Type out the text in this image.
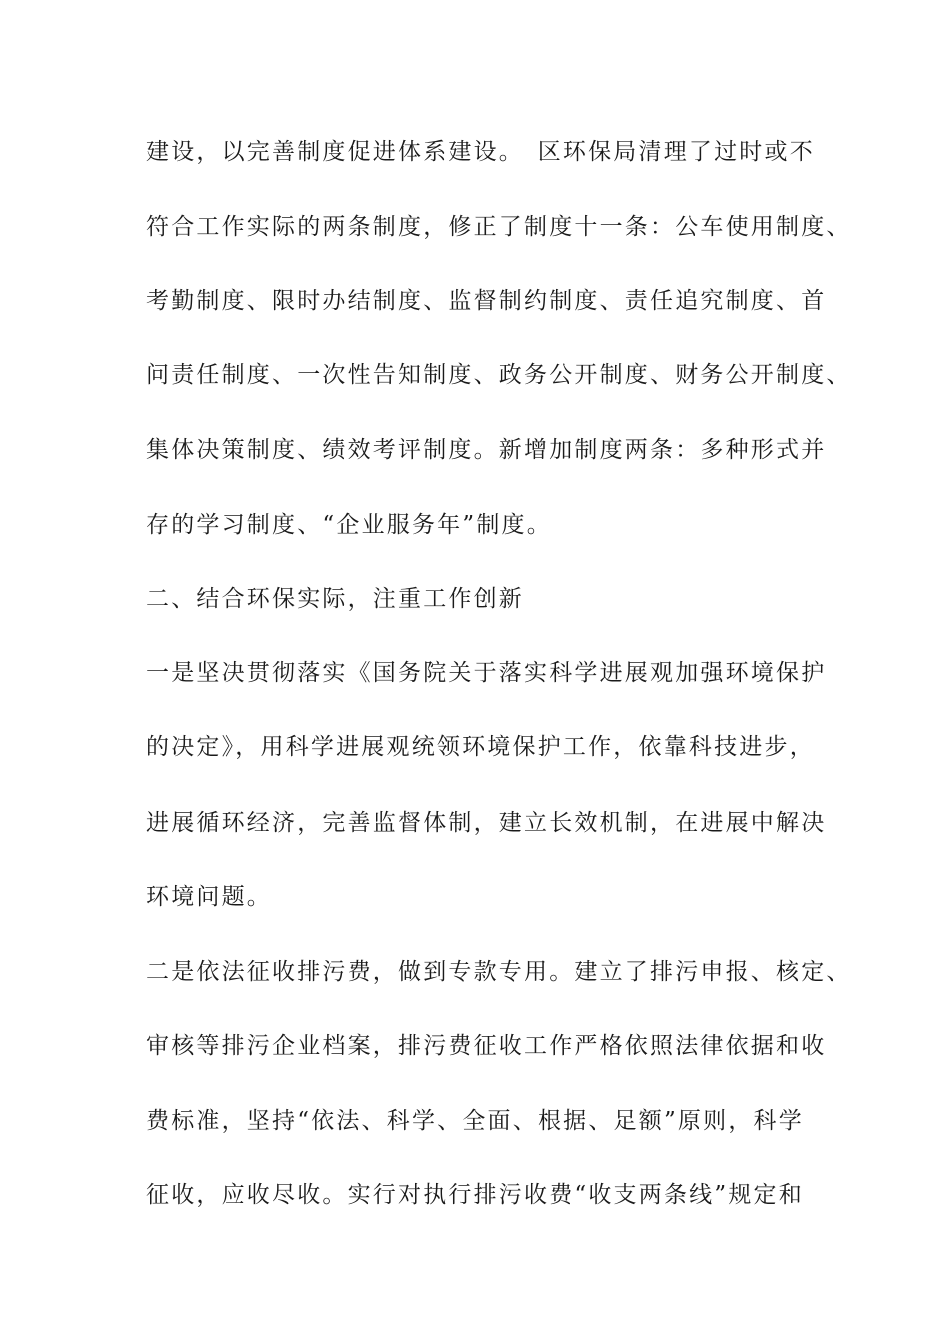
建设，以完善制度促进体系建设。　区环保局清理了过时或不
符合工作实际的两条制度，修正了制度十一条：公车使用制度、
考勤制度、限时办结制度、监督制约制度、责任追究制度、首
问责任制度、一次性告知制度、政务公开制度、财务公开制度、
集体决策制度、绩效考评制度。新增加制度两条：多种形式并
存的学习制度、“企业服务年”制度。
二、结合环保实际，注重工作创新
一是坚决贯彻落实《国务院关于落实科学进展观加强环境保护
的决定》，用科学进展观统领环境保护工作，依靠科技进步，
进展循环经济，完善监督体制，建立长效机制，在进展中解决
环境问题。
二是依法征收排污费，做到专款专用。建立了排污申报、核定、
审核等排污企业档案，排污费征收工作严格依照法律依据和收
费标准，坚持“依法、科学、全面、根据、足额”原则，科学
征收，应收尽收。实行对执行排污收费“收支两条线”规定和
